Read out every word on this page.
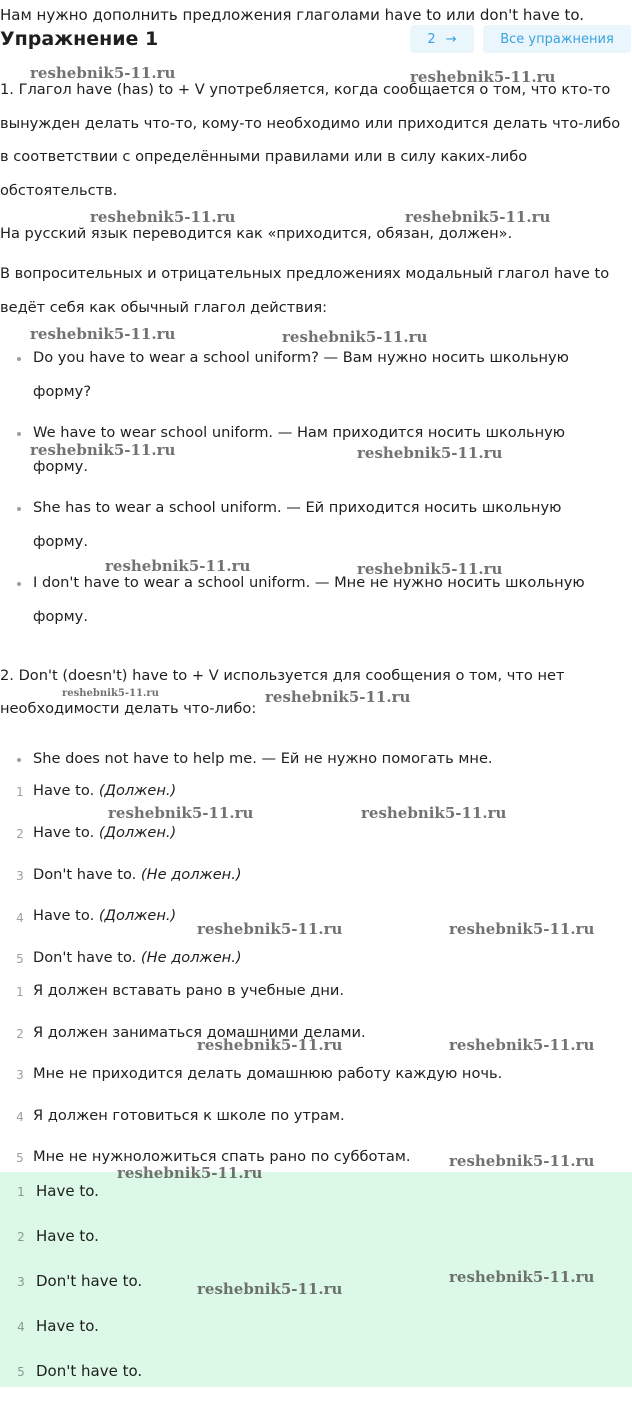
Нам нужно дополнить предложения глаголами have to или don't have to.
Упражнение 1	2 →	Все упражнения
1. Глагол have (has) to + V употребляется, когда сообщается о том, что кто-то
вынужден делать что-то, кому-то необходимо или приходится делать что-либо
в соответствии с определёнными правилами или в силу каких-либо
обстоятельств.
На русский язык переводится как «приходится, обязан, должен».
В вопросительных и отрицательных предложениях модальный глагол have to
ведёт себя как обычный глагол действия:
Do you have to wear a school uniform? — Вам нужно носить школьную
форму?
We have to wear school uniform. — Нам приходится носить школьную
форму.
She has to wear a school uniform. — Ей приходится носить школьную
форму.
I don't have to wear a school uniform. — Мне не нужно носить школьную
форму.
2. Don't (doesn't) have to + V используется для сообщения о том, что нет
необходимости делать что-либо:
She does not have to help me. — Ей не нужно помогать мне.
1 Have to. (Должен.)
2 Have to. (Должен.)
3 Don't have to. (Не должен.)
4 Have to. (Должен.)
5 Don't have to. (Не должен.)
1 Я должен вставать рано в учебные дни.
2 Я должен заниматься домашними делами.
3 Мне не приходится делать домашнюю работу каждую ночь.
4 Я должен готовиться к школе по утрам.
5 Мне не нужноложиться спать рано по субботам.
1 Have to.
2 Have to.
3 Don't have to.
4 Have to.
5 Don't have to.
reshebnik5-11.ru	reshebnik5-11.ru
reshebnik5-11.ru	reshebnik5-11.ru
reshebnik5-11.ru	reshebnik5-11.ru
reshebnik5-11.ru	reshebnik5-11.ru
reshebnik5-11.ru	reshebnik5-11.ru
reshebnik5-11.ru	reshebnik5-11.ru
reshebnik5-11.ru	reshebnik5-11.ru
reshebnik5-11.ru	reshebnik5-11.ru
reshebnik5-11.ru	reshebnik5-11.ru
reshebnik5-11.ru
reshebnik5-11.ru
reshebnik5-11.ru
reshebnik5-11.ru
